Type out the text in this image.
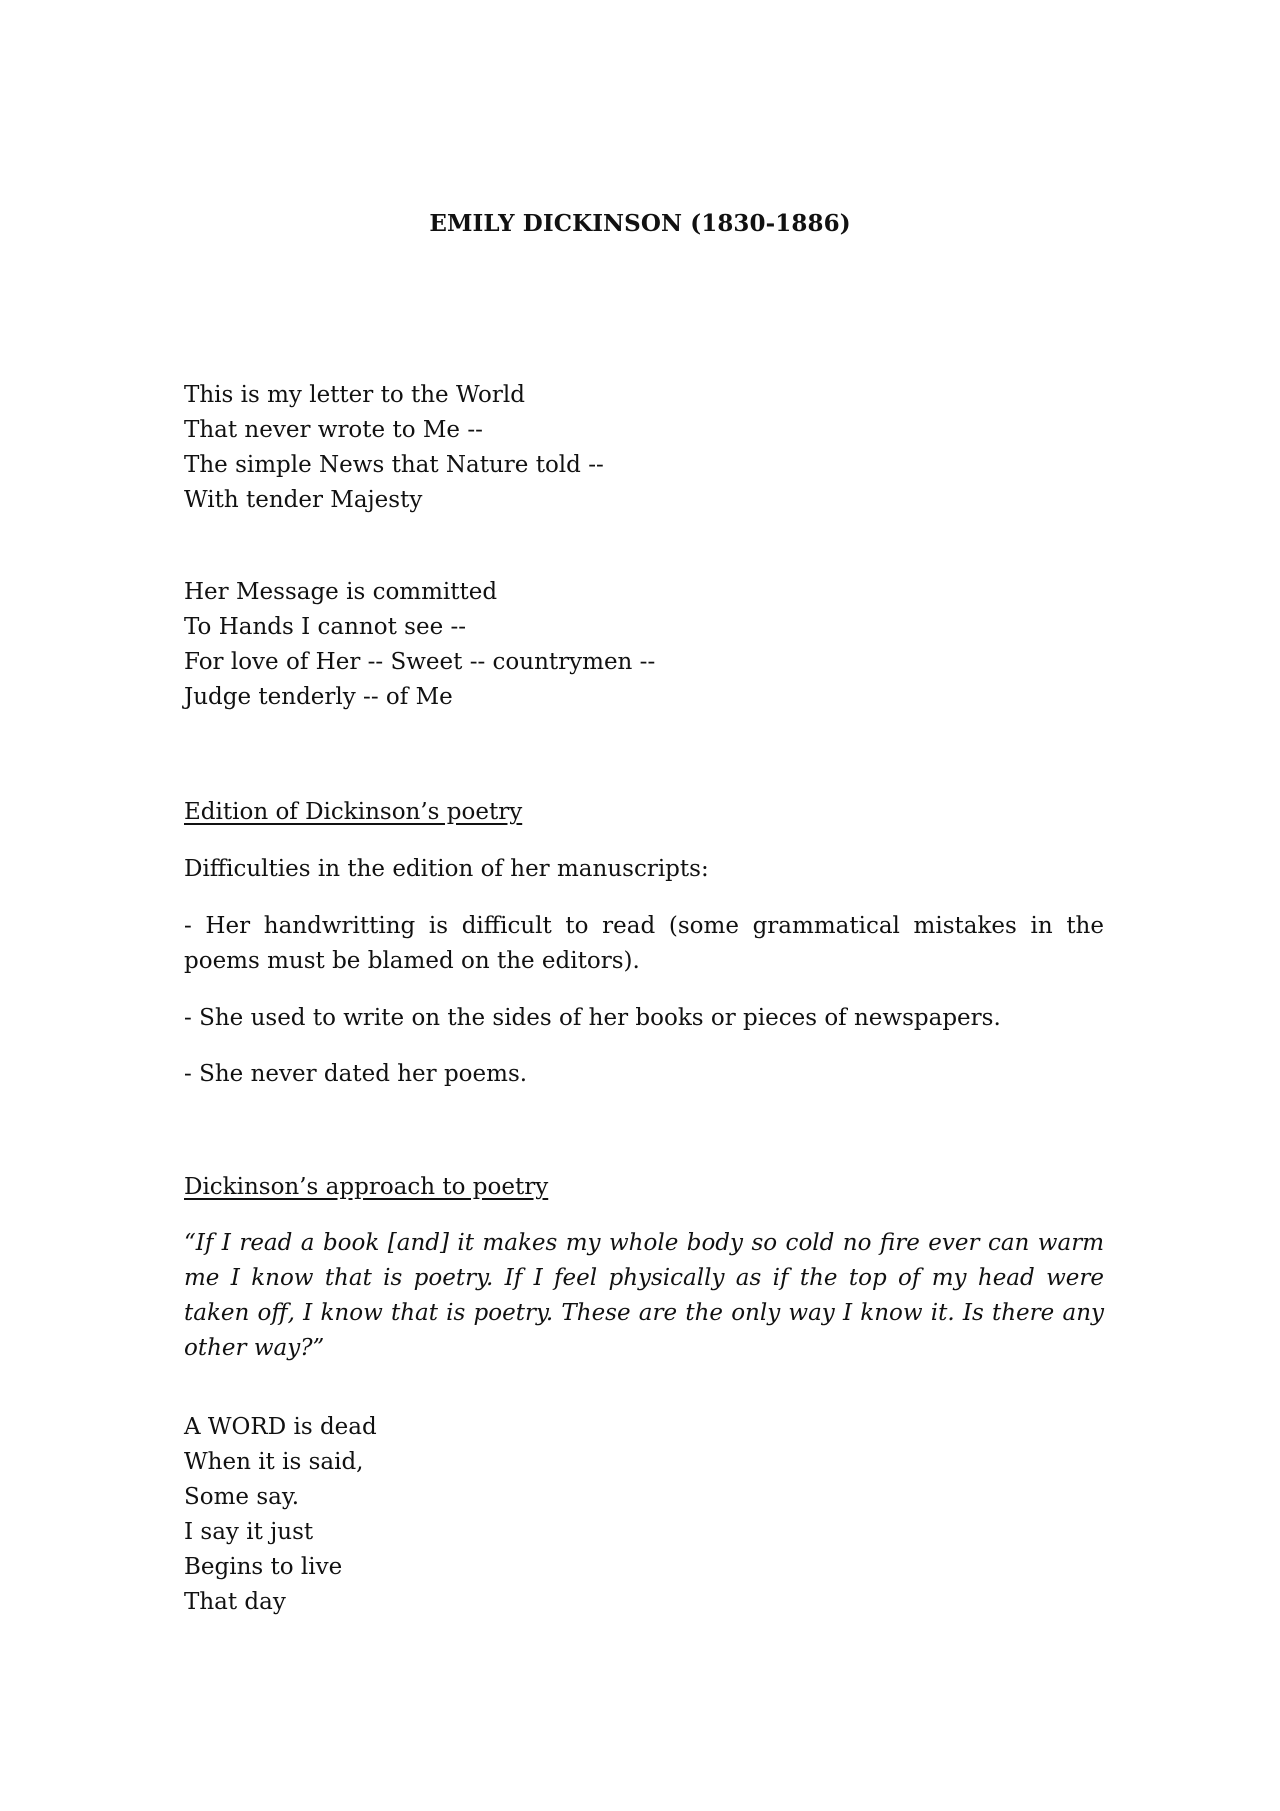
EMILY DICKINSON (1830-1886)
This is my letter to the World
That never wrote to Me --
The simple News that Nature told --
With tender Majesty
Her Message is committed
To Hands I cannot see --
For love of Her -- Sweet -- countrymen --
Judge tenderly -- of Me
Edition of Dickinson’s poetry
Difficulties in the edition of her manuscripts:
- Her handwritting is difficult to read (some grammatical mistakes in the poems must be blamed on the editors).
- She used to write on the sides of her books or pieces of newspapers.
- She never dated her poems.
Dickinson’s approach to poetry
“If I read a book [and] it makes my whole body so cold no fire ever can warm me I know that is poetry. If I feel physically as if the top of my head were taken off, I know that is poetry. These are the only way I know it. Is there any other way?”
A WORD is dead
When it is said,
Some say.
I say it just
Begins to live
That day
